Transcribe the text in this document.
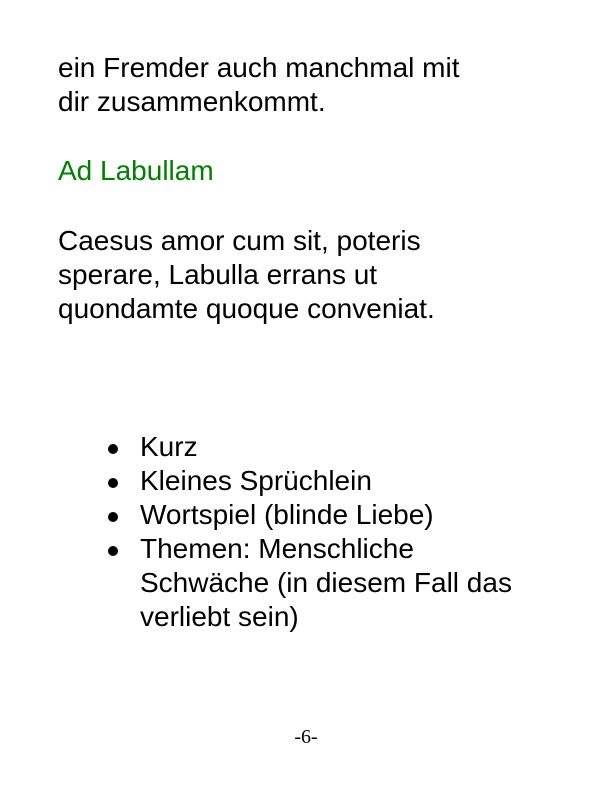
ein Fremder auch manchmal mit
dir zusammenkommt.

Ad Labullam

Caesus amor cum sit, poteris
sperare, Labulla errans ut
quondamte quoque conveniat.

Kurz
Kleines Sprüchlein
Wortspiel (blinde Liebe)
Themen: Menschliche Schwäche (in diesem Fall das verliebt sein)
-6-
